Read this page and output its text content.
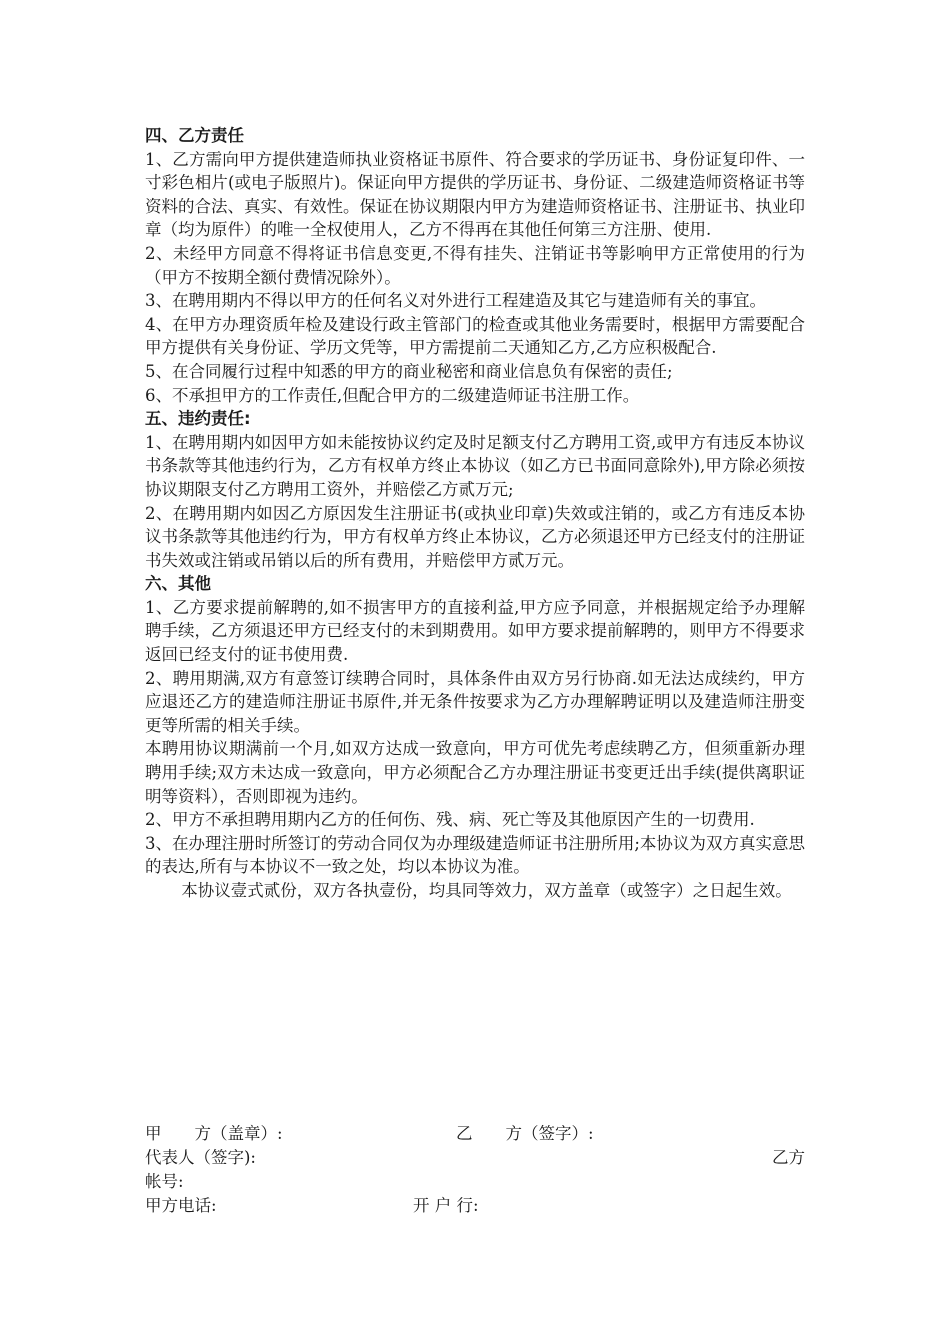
四、乙方责任

1、乙方需向甲方提供建造师执业资格证书原件、符合要求的学历证书、身份证复印件、一寸彩色相片(或电子版照片)。保证向甲方提供的学历证书、身份证、二级建造师资格证书等资料的合法、真实、有效性。保证在协议期限内甲方为建造师资格证书、注册证书、执业印章（均为原件）的唯一全权使用人，乙方不得再在其他任何第三方注册、使用.

2、未经甲方同意不得将证书信息变更,不得有挂失、注销证书等影响甲方正常使用的行为（甲方不按期全额付费情况除外）。

3、在聘用期内不得以甲方的任何名义对外进行工程建造及其它与建造师有关的事宜。

4、在甲方办理资质年检及建设行政主管部门的检查或其他业务需要时，根据甲方需要配合甲方提供有关身份证、学历文凭等，甲方需提前二天通知乙方,乙方应积极配合.

5、在合同履行过程中知悉的甲方的商业秘密和商业信息负有保密的责任;

6、不承担甲方的工作责任,但配合甲方的二级建造师证书注册工作。

五、违约责任:

1、在聘用期内如因甲方如未能按协议约定及时足额支付乙方聘用工资,或甲方有违反本协议书条款等其他违约行为，乙方有权单方终止本协议（如乙方已书面同意除外),甲方除必须按协议期限支付乙方聘用工资外，并赔偿乙方贰万元;

2、在聘用期内如因乙方原因发生注册证书(或执业印章)失效或注销的，或乙方有违反本协议书条款等其他违约行为，甲方有权单方终止本协议，乙方必须退还甲方已经支付的注册证书失效或注销或吊销以后的所有费用，并赔偿甲方贰万元。

六、其他

1、乙方要求提前解聘的,如不损害甲方的直接利益,甲方应予同意，并根据规定给予办理解聘手续，乙方须退还甲方已经支付的未到期费用。如甲方要求提前解聘的，则甲方不得要求返回已经支付的证书使用费.

2、聘用期满,双方有意签订续聘合同时，具体条件由双方另行协商.如无法达成续约，甲方应退还乙方的建造师注册证书原件,并无条件按要求为乙方办理解聘证明以及建造师注册变更等所需的相关手续。

本聘用协议期满前一个月,如双方达成一致意向，甲方可优先考虑续聘乙方，但须重新办理聘用手续;双方未达成一致意向，甲方必须配合乙方办理注册证书变更迁出手续(提供离职证明等资料），否则即视为违约。

2、甲方不承担聘用期内乙方的任何伤、残、病、死亡等及其他原因产生的一切费用.

3、在办理注册时所签订的劳动合同仅为办理级建造师证书注册所用;本协议为双方真实意思的表达,所有与本协议不一致之处，均以本协议为准。

本协议壹式贰份，双方各执壹份，均具同等效力，双方盖章（或签字）之日起生效。

甲　　方（盖章）:	乙　　方（签字）:
代表人（签字):	乙方
帐号:
甲方电话:	开 户 行:
